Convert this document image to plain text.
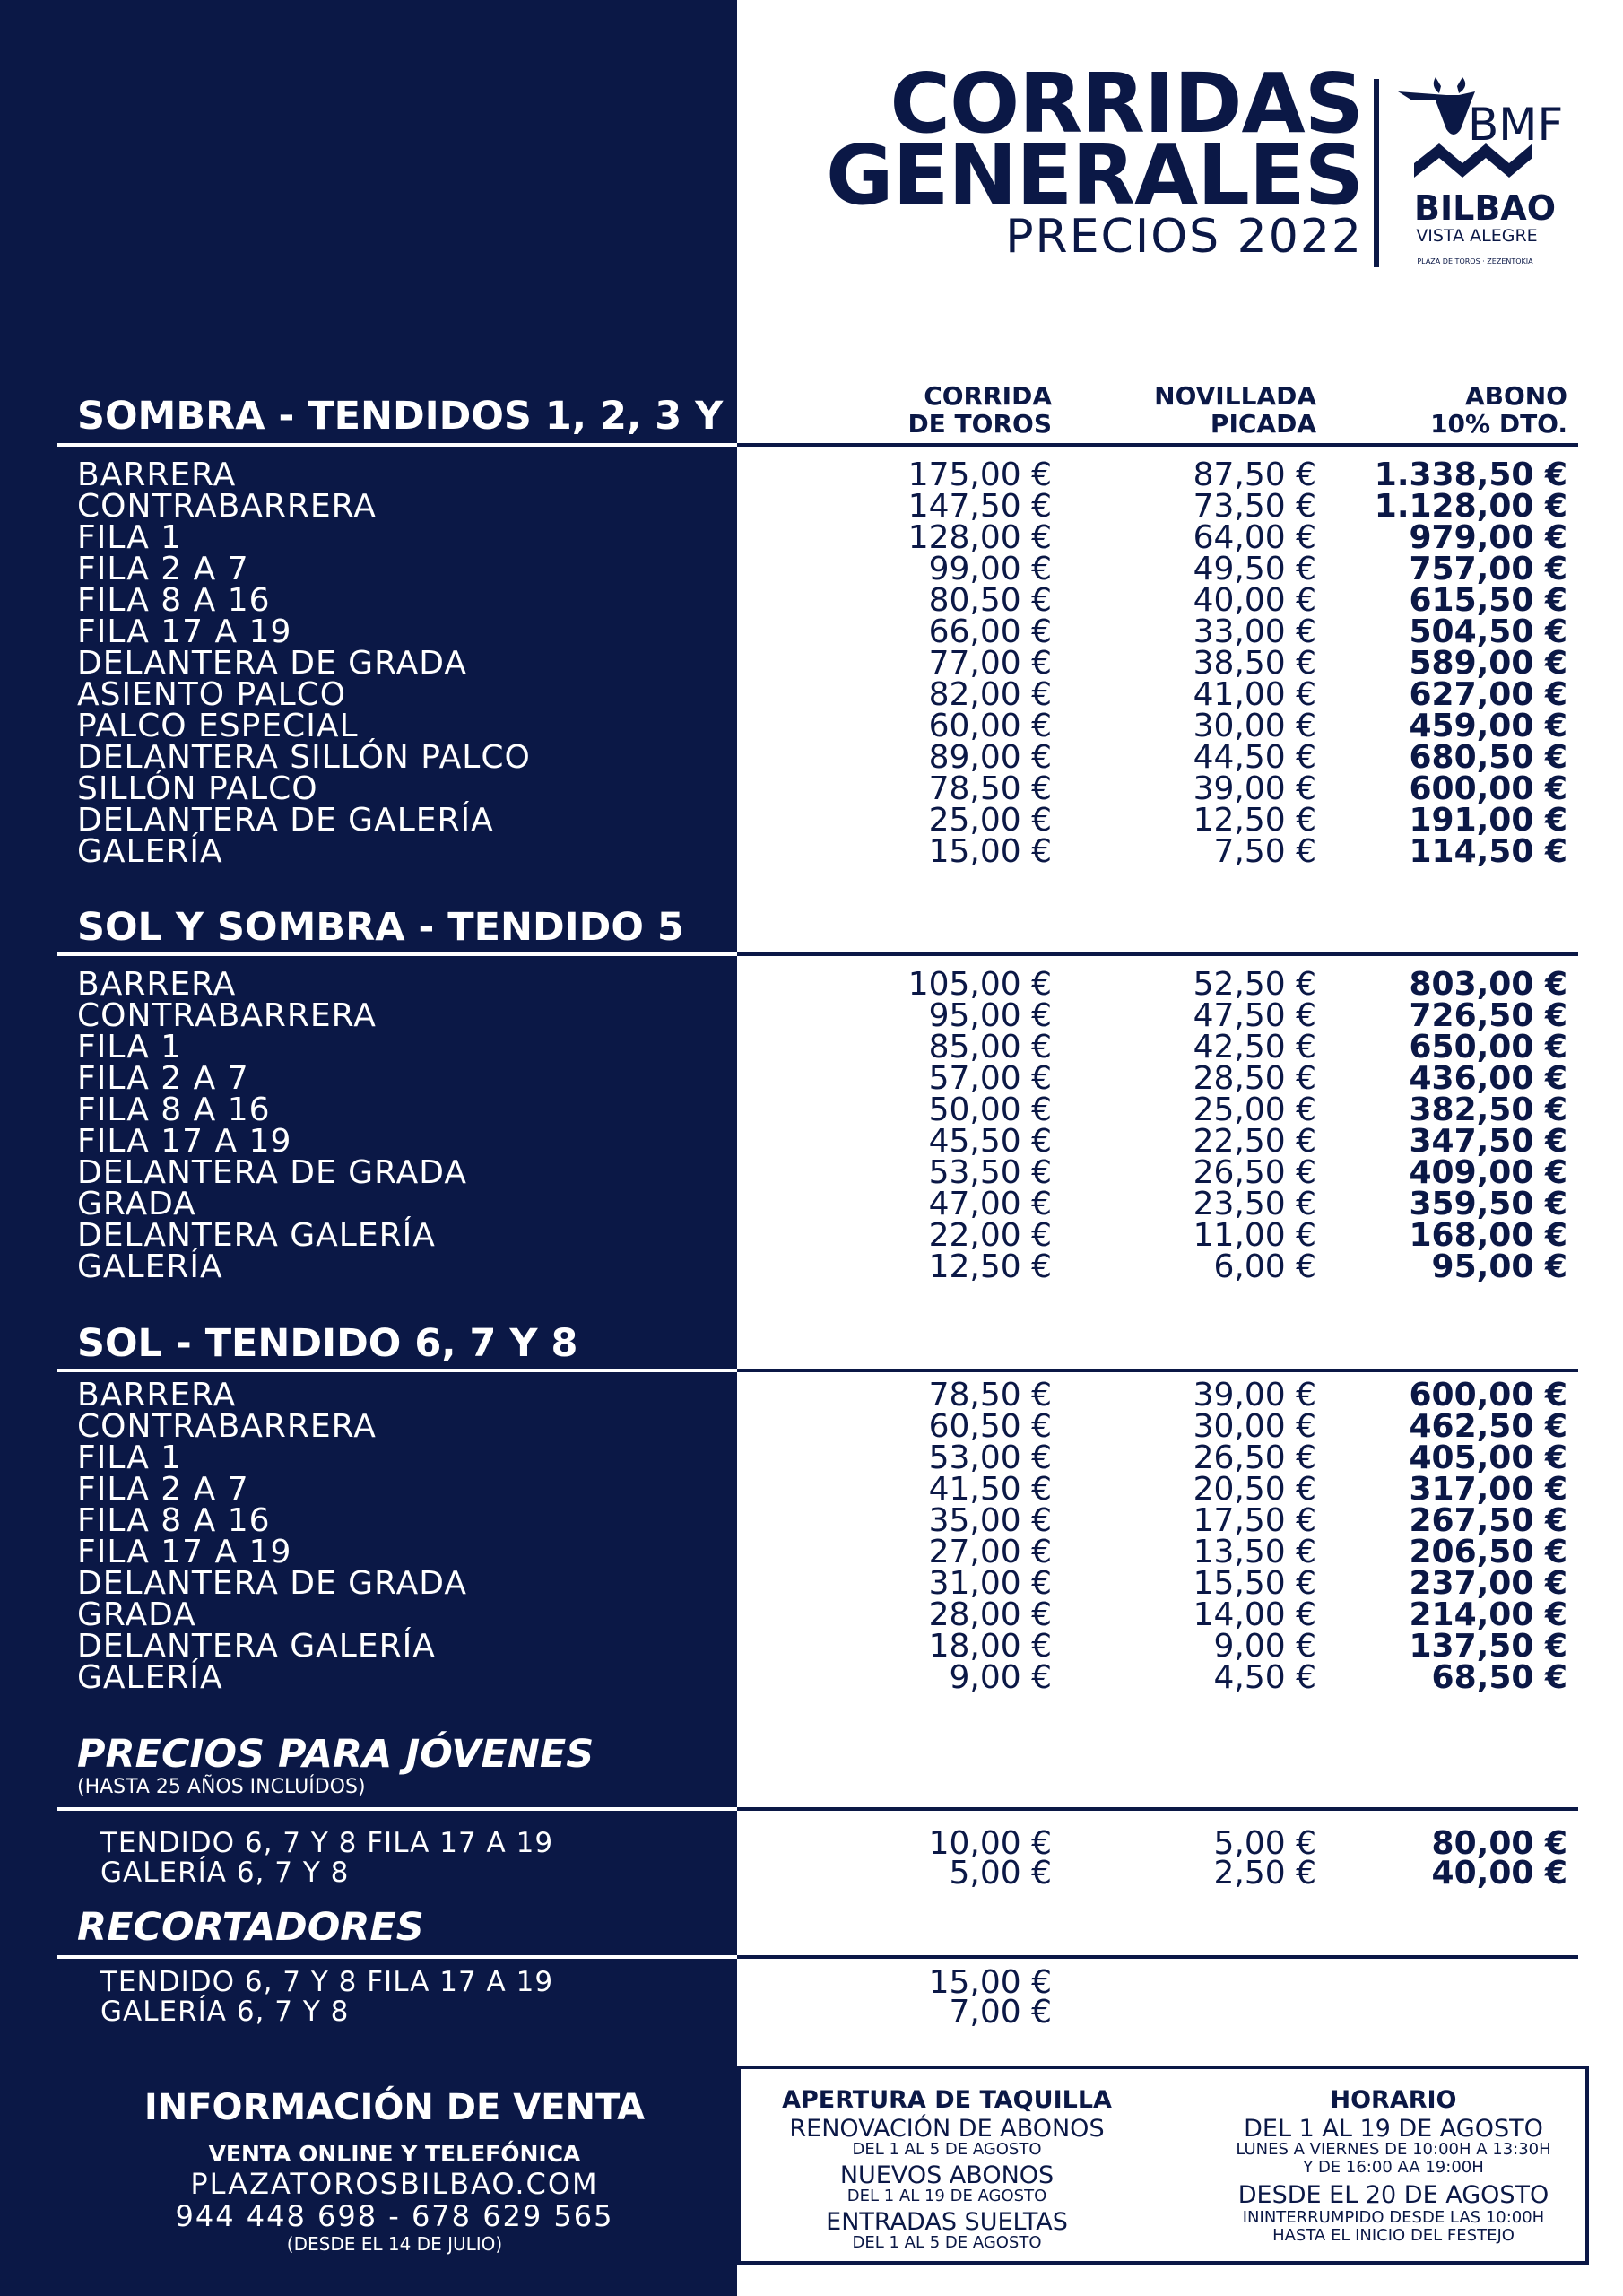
CORRIDAS
GENERALES
PRECIOS 2022
BMF
BILBAO
VISTA ALEGRE
PLAZA DE TOROS · ZEZENTOKIA
CORRIDA
DE TOROS
NOVILLADA
PICADA
ABONO
10% DTO.
SOMBRA - TENDIDOS 1, 2, 3 Y 4
BARRERA	175,00 €	87,50 € 1.338,50 €
CONTRABARRERA	147,50 €	73,50 € 1.128,00 €
FILA 1	128,00 €	64,00 €	979,00 €
FILA 2 A 7	99,00 €	49,50 €	757,00 €
FILA 8 A 16	80,50 €	40,00 €	615,50 €
FILA 17 A 19	66,00 €	33,00 €	504,50 €
DELANTERA DE GRADA	77,00 €	38,50 €	589,00 €
ASIENTO PALCO	82,00 €	41,00 €	627,00 €
PALCO ESPECIAL	60,00 €	30,00 €	459,00 €
DELANTERA SILLÓN PALCO	89,00 €	44,50 €	680,50 €
SILLÓN PALCO	78,50 €	39,00 €	600,00 €
DELANTERA DE GALERÍA	25,00 €	12,50 €	191,00 €
GALERÍA	15,00 €	7,50 €	114,50 €
SOL Y SOMBRA - TENDIDO 5
BARRERA	105,00 €	52,50 €	803,00 €
CONTRABARRERA	95,00 €	47,50 €	726,50 €
FILA 1	85,00 €	42,50 €	650,00 €
FILA 2 A 7	57,00 €	28,50 €	436,00 €
FILA 8 A 16	50,00 €	25,00 €	382,50 €
FILA 17 A 19	45,50 €	22,50 €	347,50 €
DELANTERA DE GRADA	53,50 €	26,50 €	409,00 €
GRADA	47,00 €	23,50 €	359,50 €
DELANTERA GALERÍA	22,00 €	11,00 €	168,00 €
GALERÍA	12,50 €	6,00 €	95,00 €
SOL - TENDIDO 6, 7 Y 8
BARRERA	78,50 €	39,00 €	600,00 €
CONTRABARRERA	60,50 €	30,00 €	462,50 €
FILA 1	53,00 €	26,50 €	405,00 €
FILA 2 A 7	41,50 €	20,50 €	317,00 €
FILA 8 A 16	35,00 €	17,50 €	267,50 €
FILA 17 A 19	27,00 €	13,50 €	206,50 €
DELANTERA DE GRADA	31,00 €	15,50 €	237,00 €
GRADA	28,00 €	14,00 €	214,00 €
DELANTERA GALERÍA	18,00 €	9,00 €	137,50 €
GALERÍA	9,00 €	4,50 €	68,50 €
PRECIOS PARA JÓVENES
(HASTA 25 AÑOS INCLUÍDOS)
TENDIDO 6, 7 Y 8 FILA 17 A 19	10,00 €	5,00 €	80,00 €
GALERÍA 6, 7 Y 8	5,00 €	2,50 €	40,00 €
RECORTADORES
TENDIDO 6, 7 Y 8 FILA 17 A 19	15,00 €
GALERÍA 6, 7 Y 8	7,00 €
INFORMACIÓN DE VENTA
VENTA ONLINE Y TELEFÓNICA
PLAZATOROSBILBAO.COM
944 448 698 - 678 629 565
(DESDE EL 14 DE JULIO)
APERTURA DE TAQUILLA
RENOVACIÓN DE ABONOS
DEL 1 AL 5 DE AGOSTO
NUEVOS ABONOS
DEL 1 AL 19 DE AGOSTO
ENTRADAS SUELTAS
DEL 1 AL 5 DE AGOSTO
HORARIO
DEL 1 AL 19 DE AGOSTO
LUNES A VIERNES DE 10:00H A 13:30H
Y DE 16:00 AA 19:00H
DESDE EL 20 DE AGOSTO
ININTERRUMPIDO DESDE LAS 10:00H
HASTA EL INICIO DEL FESTEJO
